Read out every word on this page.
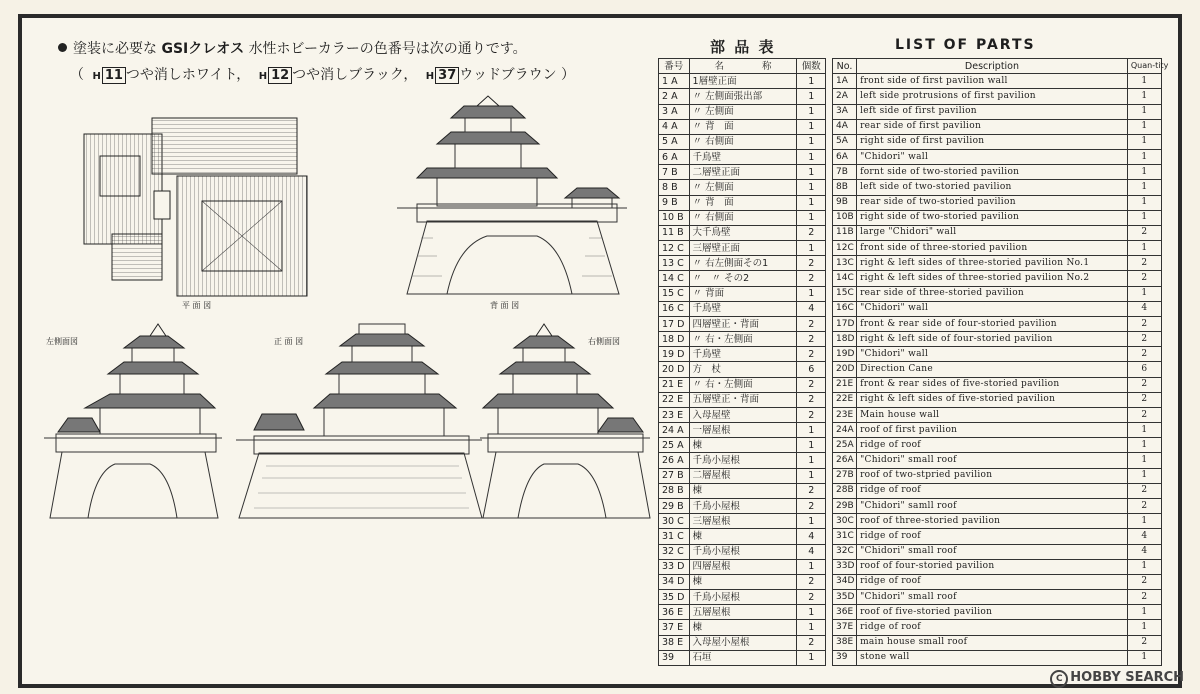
塗装に必要な GSIクレオス 水性ホビーカラーの色番号は次の通りです。
（ H 11 つや消しホワイト， H 12 つや消しブラック， H 37 ウッドブラウン ）
平 面 図	背 面 図
左側面図	正 面 図	右側面図
部 品 表	LIST OF PARTS
番号	名　　　　称	個数
1 A	1層壁正面	1
2 A	〃 左側面張出部	1
3 A	〃 左側面	1
4 A	〃 背　面	1
5 A	〃 右側面	1
6 A	千鳥壁	1
7 B	二層壁正面	1
8 B	〃 左側面	1
9 B	〃 背　面	1
10 B	〃 右側面	1
11 B	大千鳥壁	2
12 C	三層壁正面	1
13 C	〃 右左側面その1	2
14 C	〃　〃 その2	2
15 C	〃 背面	1
16 C	千鳥壁	4
17 D	四層壁正・背面	2
18 D	〃 右・左側面	2
19 D	千鳥壁	2
20 D	方　杖	6
21 E	〃 右・左側面	2
22 E	五層壁正・背面	2
23 E	入母屋壁	2
24 A	一層屋根	1
25 A	棟	1
26 A	千鳥小屋根	1
27 B	二層屋根	1
28 B	棟	2
29 B	千鳥小屋根	2
30 C	三層屋根	1
31 C	棟	4
32 C	千鳥小屋根	4
33 D	四層屋根	1
34 D	棟	2
35 D	千鳥小屋根	2
36 E	五層屋根	1
37 E	棟	1
38 E	入母屋小屋根	2
39	石垣	1
No.	Description	Quan-tity
1A	front side of first pavilion wall	1
2A	left side protrusions of first pavilion	1
3A	left side of first pavilion	1
4A	rear side of first pavilion	1
5A	right side of first pavilion	1
6A	"Chidori" wall	1
7B	fornt side of two-storied pavilion	1
8B	left side of two-storied pavilion	1
9B	rear side of two-storied pavilion	1
10B	right side of two-storied pavilion	1
11B	large "Chidori" wall	2
12C	front side of three-storied pavilion	1
13C	right & left sides of three-storied pavilion No.1	2
14C	right & left sides of three-storied pavilion No.2	2
15C	rear side of three-storied pavilion	1
16C	"Chidori" wall	4
17D	front & rear side of four-storied pavilion	2
18D	right & left side of four-storied pavilion	2
19D	"Chidori" wall	2
20D	Direction Cane	6
21E	front & rear sides of five-storied pavilion	2
22E	right & left sides of five-storied pavilion	2
23E	Main house wall	2
24A	roof of first pavilion	1
25A	ridge of roof	1
26A	"Chidori" small roof	1
27B	roof of two-stpried pavilion	1
28B	ridge of roof	2
29B	"Chidori" samll roof	2
30C	roof of three-storied pavilion	1
31C	ridge of roof	4
32C	"Chidori" small roof	4
33D	roof of four-storied pavilion	1
34D	ridge of roof	2
35D	"Chidori" small roof	2
36E	roof of five-storied pavilion	1
37E	ridge of roof	1
38E	main house small roof	2
39	stone wall	1
C HOBBY SEARCH
